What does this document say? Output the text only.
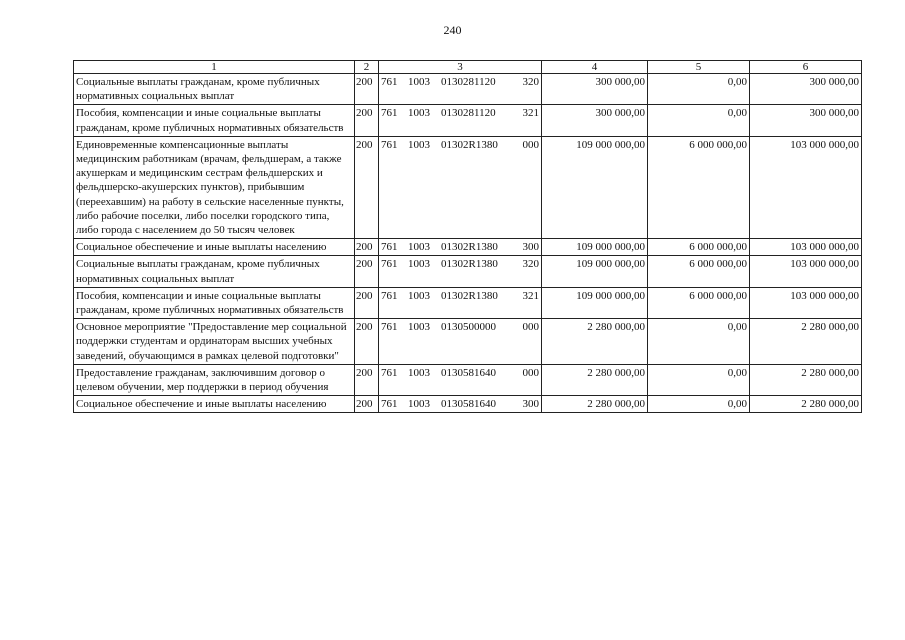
240
1	2	3	4	5	6
Социальные выплаты гражданам, кроме публичных нормативных социальных выплат	200	761 1003 0130281120 320	300 000,00	0,00	300 000,00
Пособия, компенсации и иные социальные выплаты гражданам, кроме публичных нормативных обязательств	200	761 1003 0130281120 321	300 000,00	0,00	300 000,00
Единовременные компенсационные выплаты медицинским работникам (врачам, фельдшерам, а также акушеркам и медицинским сестрам фельдшерских и фельдшерско-акушерских пунктов), прибывшим (переехавшим) на работу в сельские населенные пункты, либо рабочие поселки, либо поселки городского типа, либо города с населением до 50 тысяч человек	200	761 1003 01302R1380 000	109 000 000,00	6 000 000,00	103 000 000,00
Социальное обеспечение и иные выплаты населению	200	761 1003 01302R1380 300	109 000 000,00	6 000 000,00	103 000 000,00
Социальные выплаты гражданам, кроме публичных нормативных социальных выплат	200	761 1003 01302R1380 320	109 000 000,00	6 000 000,00	103 000 000,00
Пособия, компенсации и иные социальные выплаты гражданам, кроме публичных нормативных обязательств	200	761 1003 01302R1380 321	109 000 000,00	6 000 000,00	103 000 000,00
Основное мероприятие "Предоставление мер социальной поддержки студентам и ординаторам высших учебных заведений, обучающимся в рамках целевой подготовки"	200	761 1003 0130500000 000	2 280 000,00	0,00	2 280 000,00
Предоставление гражданам, заключившим договор о целевом обучении, мер поддержки в период обучения	200	761 1003 0130581640 000	2 280 000,00	0,00	2 280 000,00
Социальное обеспечение и иные выплаты населению	200	761 1003 0130581640 300	2 280 000,00	0,00	2 280 000,00
